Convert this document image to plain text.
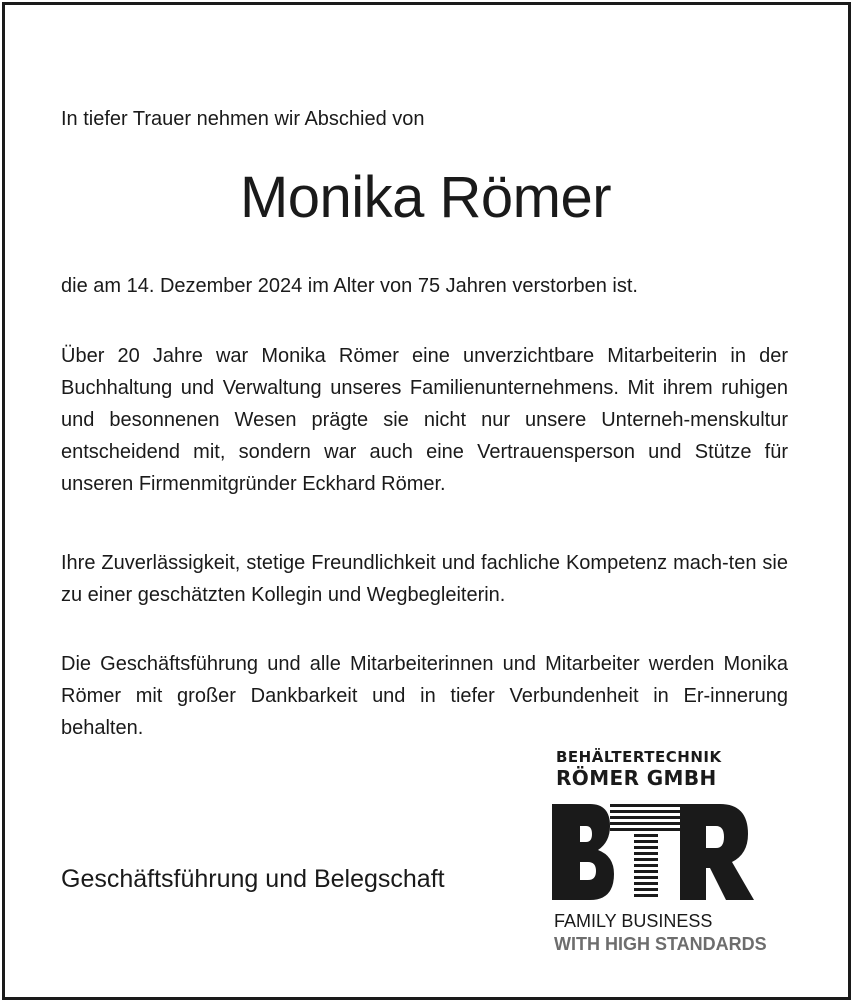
In tiefer Trauer nehmen wir Abschied von

Monika Römer

die am 14. Dezember 2024 im Alter von 75 Jahren verstorben ist.

Über 20 Jahre war Monika Römer eine unverzichtbare Mitarbeiterin in der Buchhaltung und Verwaltung unseres Familienunternehmens. Mit ihrem ruhigen und besonnenen Wesen prägte sie nicht nur unsere Unterneh-menskultur entscheidend mit, sondern war auch eine Vertrauensperson und Stütze für unseren Firmenmitgründer Eckhard Römer.

Ihre Zuverlässigkeit, stetige Freundlichkeit und fachliche Kompetenz mach-ten sie zu einer geschätzten Kollegin und Wegbegleiterin.

Die Geschäftsführung und alle Mitarbeiterinnen und Mitarbeiter werden Monika Römer mit großer Dankbarkeit und in tiefer Verbundenheit in Er-innerung behalten.

Geschäftsführung und Belegschaft

BEHÄLTERTECHNIK
RÖMER GMBH
FAMILY BUSINESS
WITH HIGH STANDARDS
